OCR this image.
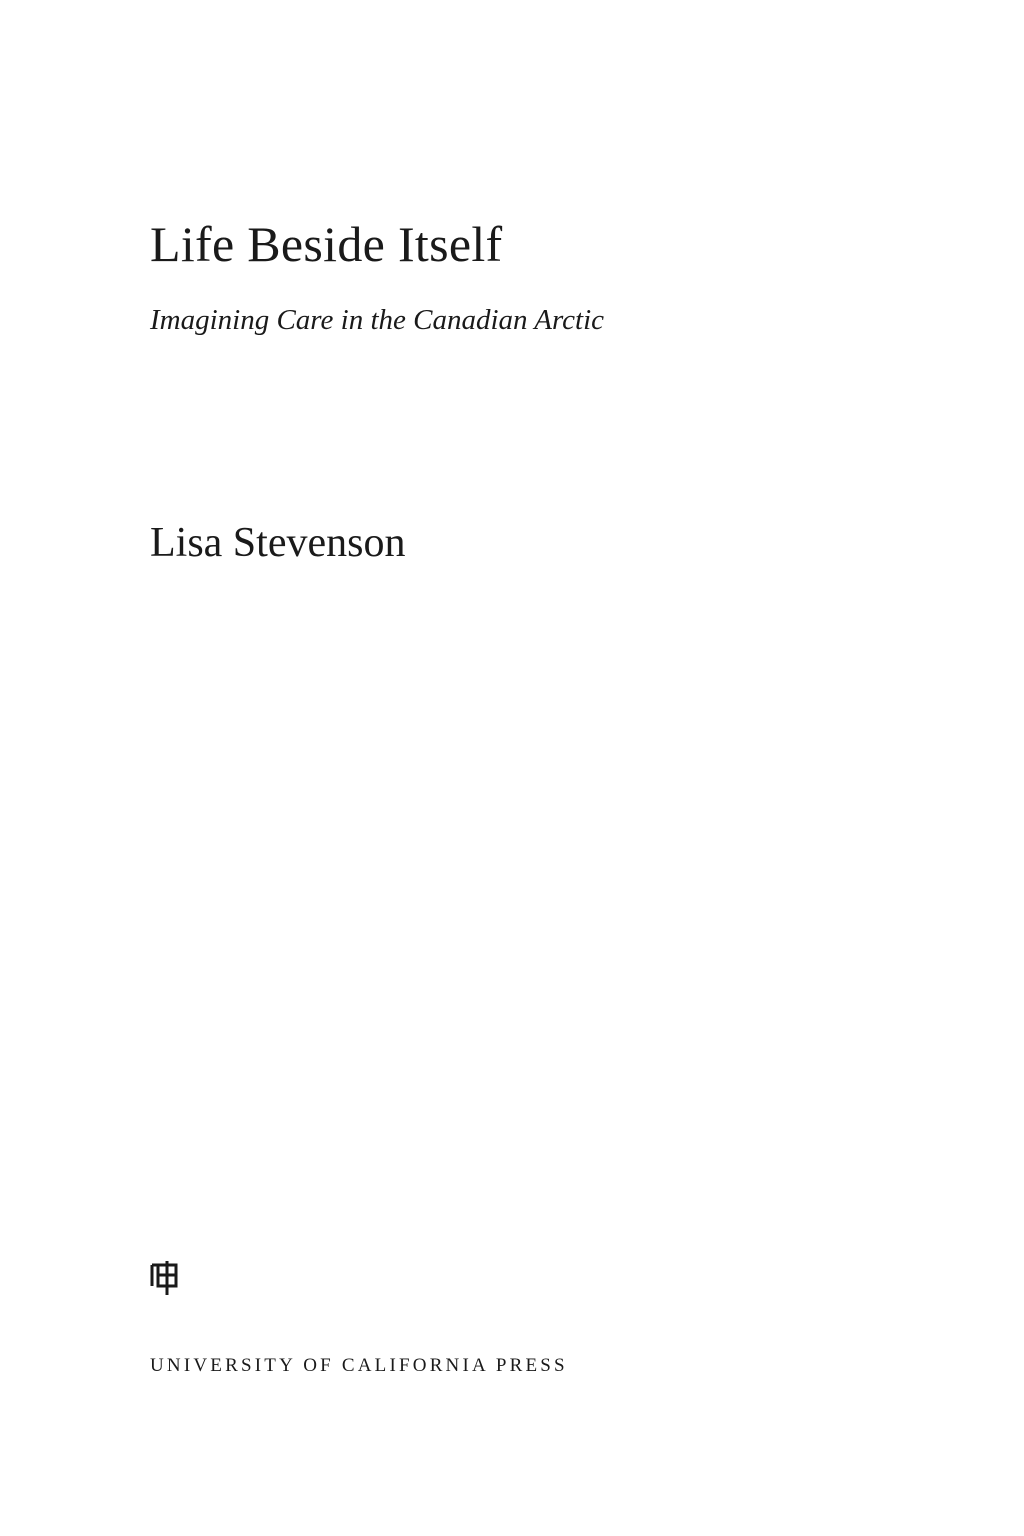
Life Beside Itself
Imagining Care in the Canadian Arctic
Lisa Stevenson
UNIVERSITY OF CALIFORNIA PRESS
